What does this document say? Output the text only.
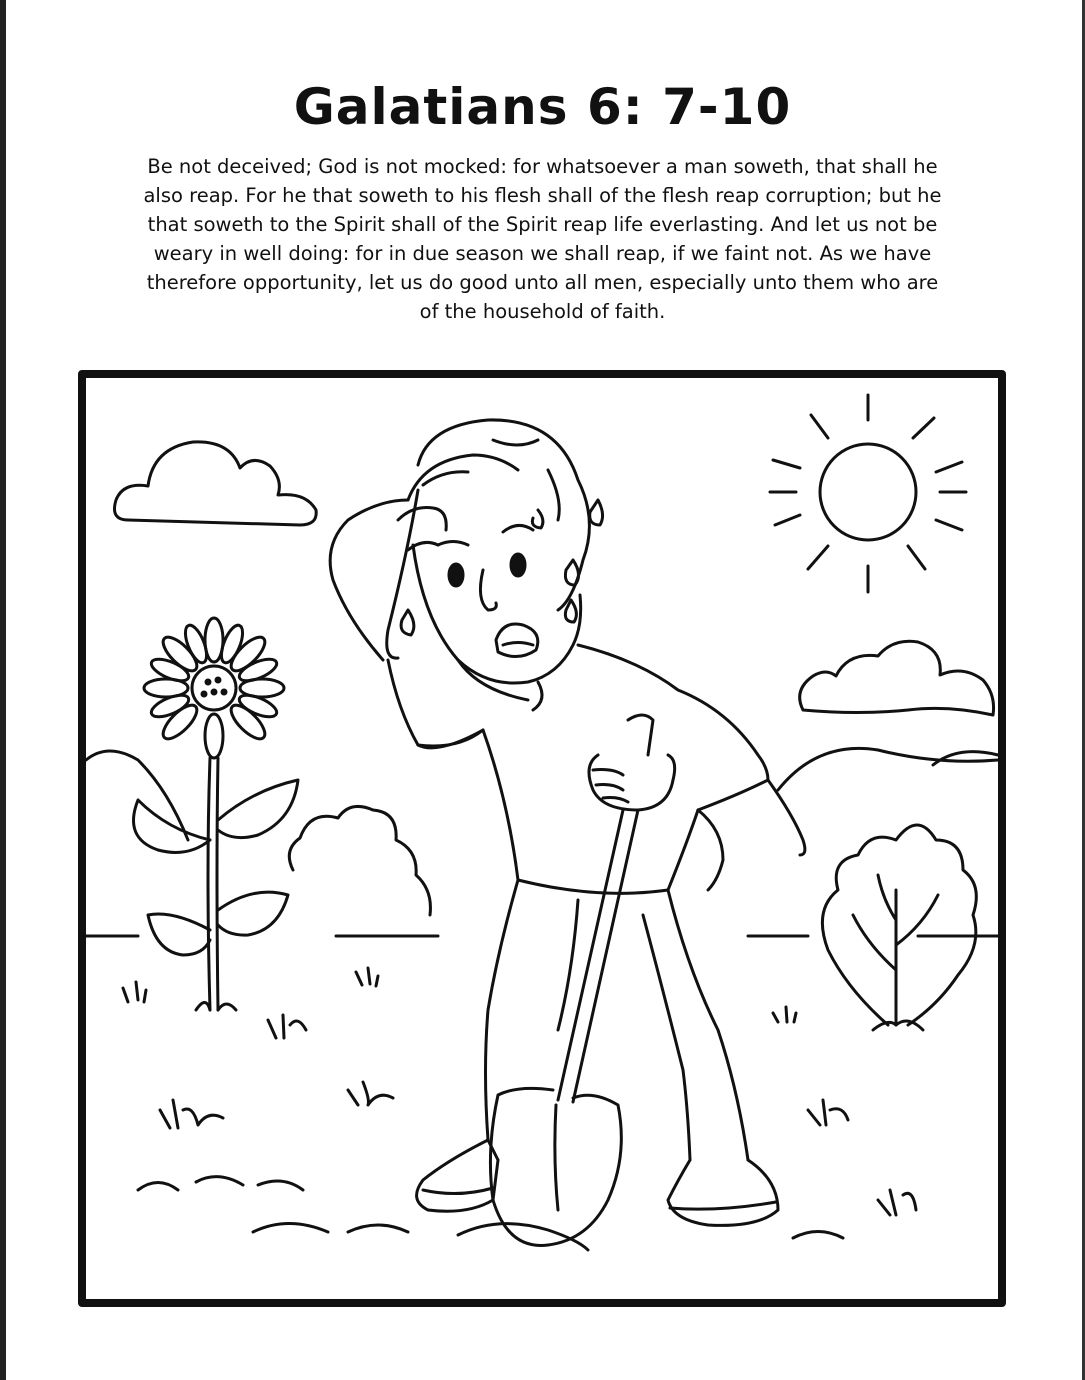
Galatians 6: 7-10
Be not deceived; God is not mocked: for whatsoever a man soweth, that shall he also reap. For he that soweth to his flesh shall of the flesh reap corruption; but he that soweth to the Spirit shall of the Spirit reap life everlasting. And let us not be weary in well doing: for in due season we shall reap, if we faint not. As we have therefore opportunity, let us do good unto all men, especially unto them who are of the household of faith.
